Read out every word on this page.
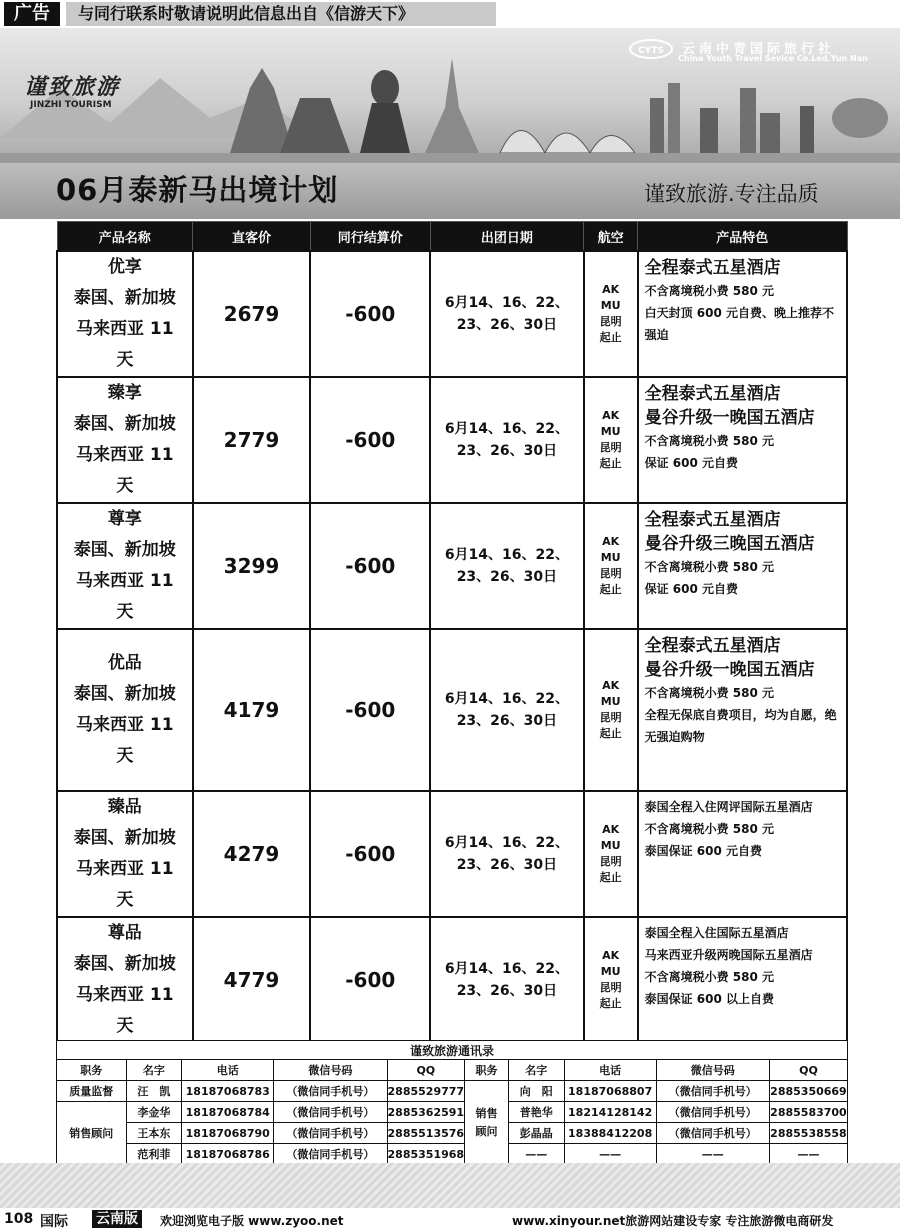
广告	与同行联系时敬请说明此信息出自《信游天下》
谨致旅游
JINZHI TOURISM
CYTS 云南中青国际旅行社
China Youth Travel Sevice Co.Led.Yun Nan
06月泰新马出境计划	谨致旅游.专注品质
产品名称	直客价	同行结算价	出团日期	航空	产品特色

优享
泰国、新加坡
马来西亚 11
天	2679	-600	6月14、16、22、
23、26、30日	AK
MU
昆明
起止	全程泰式五星酒店
不含离境税小费 580 元
白天封顶 600 元自费、晚上推荐不强迫

臻享
泰国、新加坡
马来西亚 11
天	2779	-600	6月14、16、22、
23、26、30日	AK
MU
昆明
起止	全程泰式五星酒店
曼谷升级一晚国五酒店
不含离境税小费 580 元
保证 600 元自费

尊享
泰国、新加坡
马来西亚 11
天	3299	-600	6月14、16、22、
23、26、30日	AK
MU
昆明
起止	全程泰式五星酒店
曼谷升级三晚国五酒店
不含离境税小费 580 元
保证 600 元自费

优品
泰国、新加坡
马来西亚 11
天	4179	-600	6月14、16、22、
23、26、30日	AK
MU
昆明
起止	全程泰式五星酒店
曼谷升级一晚国五酒店
不含离境税小费 580 元
全程无保底自费项目，均为自愿，绝无强迫购物

臻品
泰国、新加坡
马来西亚 11
天	4279	-600	6月14、16、22、
23、26、30日	AK
MU
昆明
起止	泰国全程入住网评国际五星酒店
不含离境税小费 580 元
泰国保证 600 元自费

尊品
泰国、新加坡
马来西亚 11
天	4779	-600	6月14、16、22、
23、26、30日	AK
MU
昆明
起止	泰国全程入住国际五星酒店
马来西亚升级两晚国际五星酒店
不含离境税小费 580 元
泰国保证 600 以上自费
谨致旅游通讯录									
职务	名字	电话	微信号码	QQ	职务	名字	电话	微信号码	QQ
质量监督	汪　凯	18187068783	（微信同手机号）	2885529777	销售顾问	向　阳	18187068807	（微信同手机号）	2885350669
销售顾问	李金华	18187068784	（微信同手机号）	2885362591		普艳华	18214128142	（微信同手机号）	2885583700
	王本东	18187068790	（微信同手机号）	2885513576		彭晶晶	18388412208	（微信同手机号）	2885538558
	范利菲	18187068786	（微信同手机号）	2885351968		——	——	——	——
108 国际 云南版	欢迎浏览电子版 www.zyoo.net	www.xinyour.net旅游网站建设专家 专注旅游微电商研发
